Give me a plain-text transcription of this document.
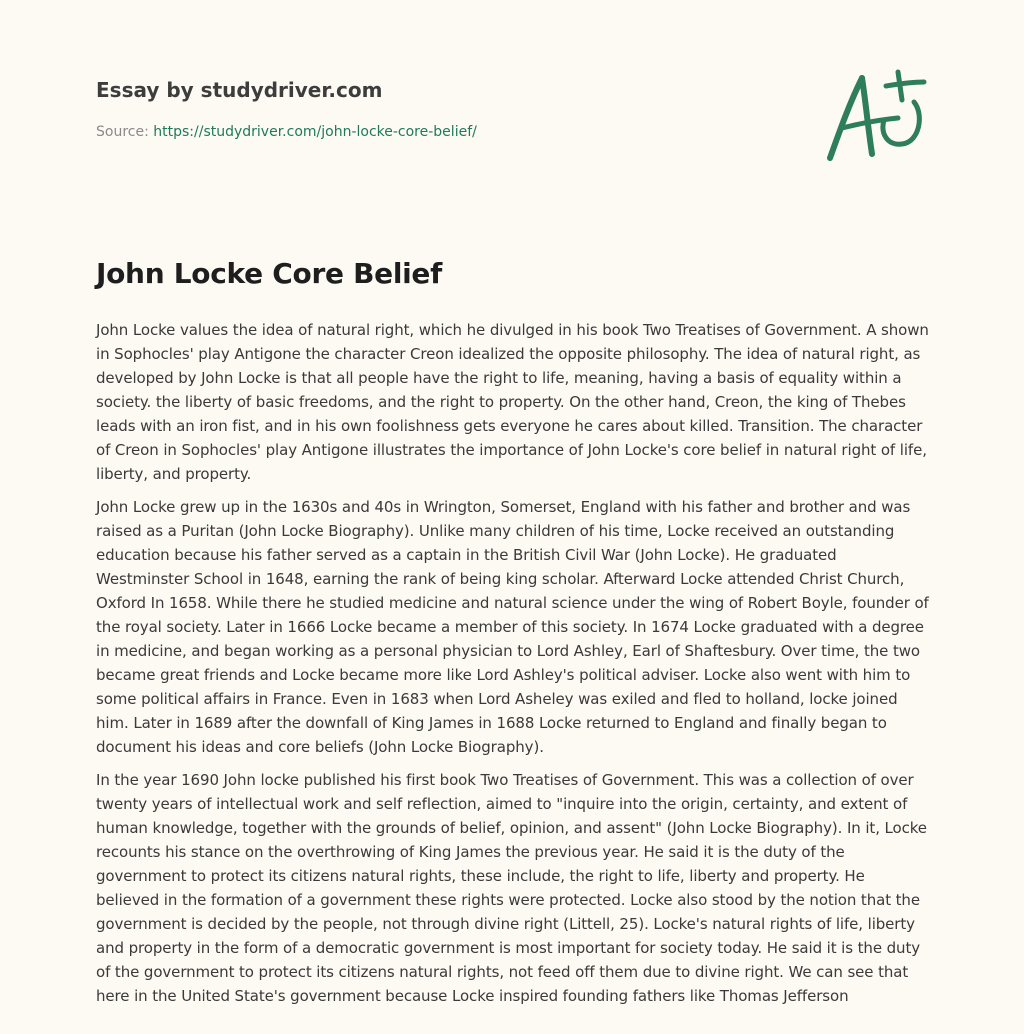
Essay by studydriver.com
Source: https://studydriver.com/john-locke-core-belief/
John Locke Core Belief

John Locke values the idea of natural right, which he divulged in his book Two Treatises of Government. A shown in Sophocles' play Antigone the character Creon idealized the opposite philosophy. The idea of natural right, as developed by John Locke is that all people have the right to life, meaning, having a basis of equality within a society. the liberty of basic freedoms, and the right to property. On the other hand, Creon, the king of Thebes leads with an iron fist, and in his own foolishness gets everyone he cares about killed. Transition. The character of Creon in Sophocles' play Antigone illustrates the importance of John Locke's core belief in natural right of life, liberty, and property.

John Locke grew up in the 1630s and 40s in Wrington, Somerset, England with his father and brother and was raised as a Puritan (John Locke Biography). Unlike many children of his time, Locke received an outstanding education because his father served as a captain in the British Civil War (John Locke). He graduated Westminster School in 1648, earning the rank of being king scholar. Afterward Locke attended Christ Church, Oxford In 1658. While there he studied medicine and natural science under the wing of Robert Boyle, founder of the royal society. Later in 1666 Locke became a member of this society. In 1674 Locke graduated with a degree in medicine, and began working as a personal physician to Lord Ashley, Earl of Shaftesbury. Over time, the two became great friends and Locke became more like Lord Ashley's political adviser. Locke also went with him to some political affairs in France. Even in 1683 when Lord Asheley was exiled and fled to holland, locke joined him. Later in 1689 after the downfall of King James in 1688 Locke returned to England and finally began to document his ideas and core beliefs (John Locke Biography).

In the year 1690 John locke published his first book Two Treatises of Government. This was a collection of over twenty years of intellectual work and self reflection, aimed to "inquire into the origin, certainty, and extent of human knowledge, together with the grounds of belief, opinion, and assent" (John Locke Biography). In it, Locke recounts his stance on the overthrowing of King James the previous year. He said it is the duty of the government to protect its citizens natural rights, these include, the right to life, liberty and property. He believed in the formation of a government these rights were protected. Locke also stood by the notion that the government is decided by the people, not through divine right (Littell, 25). Locke's natural rights of life, liberty and property in the form of a democratic government is most important for society today. He said it is the duty of the government to protect its citizens natural rights, not feed off them due to divine right. We can see that here in the United State's government because Locke inspired founding fathers like Thomas Jefferson
